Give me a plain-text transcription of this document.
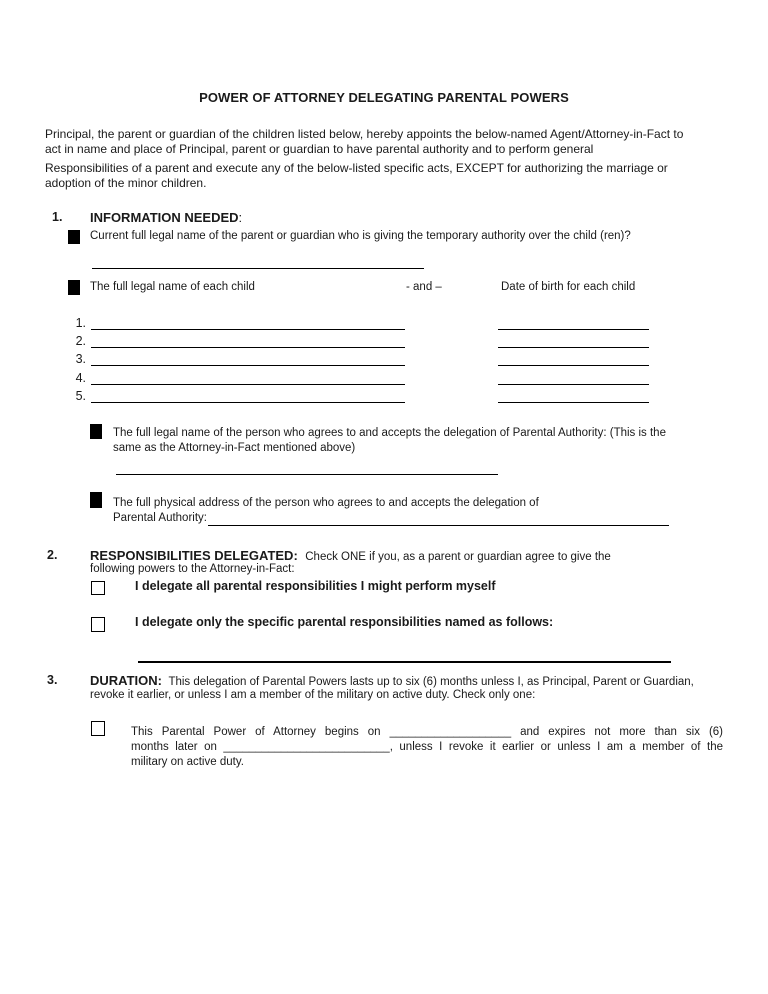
POWER OF ATTORNEY DELEGATING PARENTAL POWERS
Principal, the parent or guardian of the children listed below, hereby appoints the below-named Agent/Attorney-in-Fact to
act in name and place of Principal, parent or guardian to have parental authority and to perform general
Responsibilities of a parent and execute any of the below-listed specific acts, EXCEPT for authorizing the marriage or
adoption of the minor children.
1. INFORMATION NEEDED:
Current full legal name of the parent or guardian who is giving the temporary authority over the child (ren)?
The full legal name of each child	- and –	Date of birth for each child
1.
2.
3.
4.
5.
The full legal name of the person who agrees to and accepts the delegation of Parental Authority: (This is the
same as the Attorney-in-Fact mentioned above)
The full physical address of the person who agrees to and accepts the delegation of
Parental Authority:
2.	RESPONSIBILITIES DELEGATED: Check ONE if you, as a parent or guardian agree to give the
following powers to the Attorney-in-Fact:
I delegate all parental responsibilities I might perform myself
I delegate only the specific parental responsibilities named as follows:
3.	DURATION: This delegation of Parental Powers lasts up to six (6) months unless I, as Principal, Parent or Guardian,
revoke it earlier, or unless I am a member of the military on active duty. Check only one:
This Parental Power of Attorney begins on ___________________ and expires not more than six (6)
months later on __________________________, unless I revoke it earlier or unless I am a member of the
military on active duty.
